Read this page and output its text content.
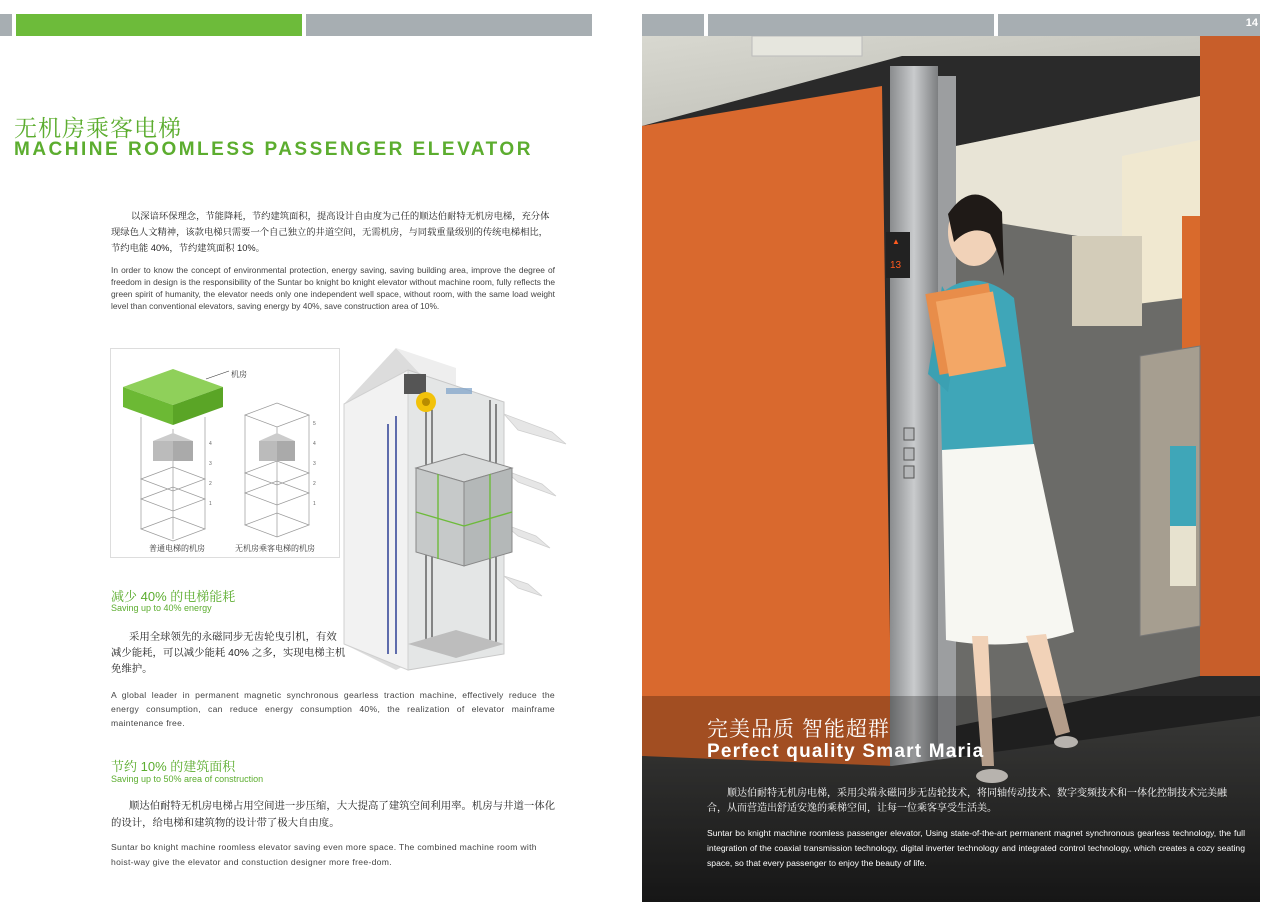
14
无机房乘客电梯
MACHINE ROOMLESS PASSENGER ELEVATOR

以深谙环保理念，节能降耗，节约建筑面积，提高设计自由度为己任的顺达伯耐特无机房电梯，充分体现绿色人文精神，该款电梯只需要一个自己独立的井道空间，无需机房，与同载重量级别的传统电梯相比，节约电能 40%，节约建筑面积 10%。

In order to know the concept of environmental protection, energy saving, saving building area, improve the degree of freedom in design is the responsibility of the Suntar bo knight bo knight elevator without machine room, fully reflects the green spirit of humanity, the elevator needs only one independent well space, without room, with the same load weight level than conventional elevators, saving energy by 40%, save construction area of 10%.

4
3
2
1
5
4
3
2
1
机房
普通电梯的机房	无机房乘客电梯的机房
减少 40% 的电梯能耗
Saving up to 40% energy

采用全球领先的永磁同步无齿轮曳引机，有效减少能耗，可以减少能耗 40% 之多，实现电梯主机免维护。

A global leader in permanent magnetic synchronous gearless traction machine, effectively reduce the energy consumption, can reduce energy consumption 40%, the realization of elevator mainframe maintenance free.

节约 10% 的建筑面积
Saving up to 50% area of construction

顺达伯耐特无机房电梯占用空间进一步压缩，大大提高了建筑空间利用率。机房与井道一体化的设计，给电梯和建筑物的设计带了极大自由度。

Suntar bo knight machine roomless elevator saving even more space. The combined machine room with hoist-way give the elevator and constuction designer more free-dom.

▲
13
完美品质 智能超群
Perfect quality Smart Maria

顺达伯耐特无机房电梯，采用尖端永磁同步无齿轮技术，将同轴传动技术、数字变频技术和一体化控制技术完美融合，从而营造出舒适安逸的乘梯空间，让每一位乘客享受生活美。

Suntar bo knight machine roomless passenger elevator, Using state-of-the-art permanent magnet synchronous gearless technology, the full integration of the coaxial transmission technology, digital inverter technology and integrated control technology, which creates a cozy seating space, so that every passenger to enjoy the beauty of life.
